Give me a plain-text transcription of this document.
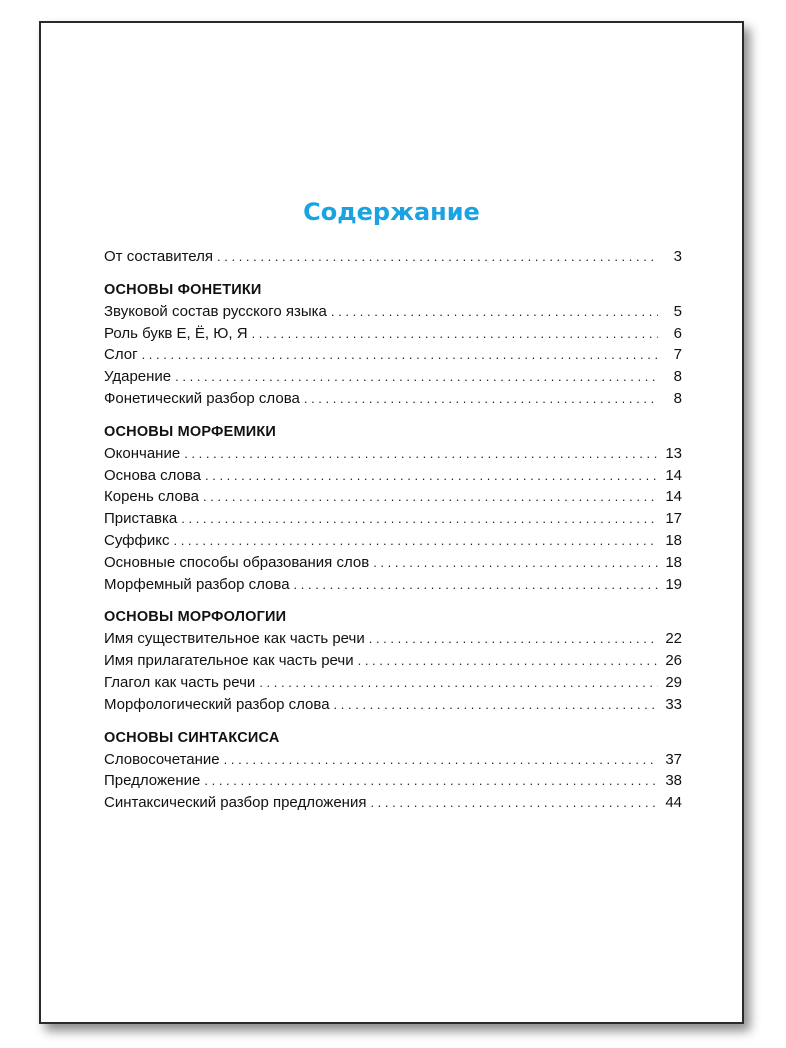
Содержание
От составителя . . .	3
ОСНОВЫ ФОНЕТИКИ
Звуковой состав русского языка . . .	5
Роль букв Е, Ё, Ю, Я . . .	6
Слог . . .	7
Ударение . . .	8
Фонетический разбор слова . . .	8
ОСНОВЫ МОРФЕМИКИ
Окончание . . .	13
Основа слова . . .	14
Корень слова . . .	14
Приставка . . .	17
Суффикс . . .	18
Основные способы образования слов . . .	18
Морфемный разбор слова . . .	19
ОСНОВЫ МОРФОЛОГИИ
Имя существительное как часть речи . . .	22
Имя прилагательное как часть речи . . .	26
Глагол как часть речи . . .	29
Морфологический разбор слова . . .	33
ОСНОВЫ СИНТАКСИСА
Словосочетание . . .	37
Предложение . . .	38
Синтаксический разбор предложения . . .	44
